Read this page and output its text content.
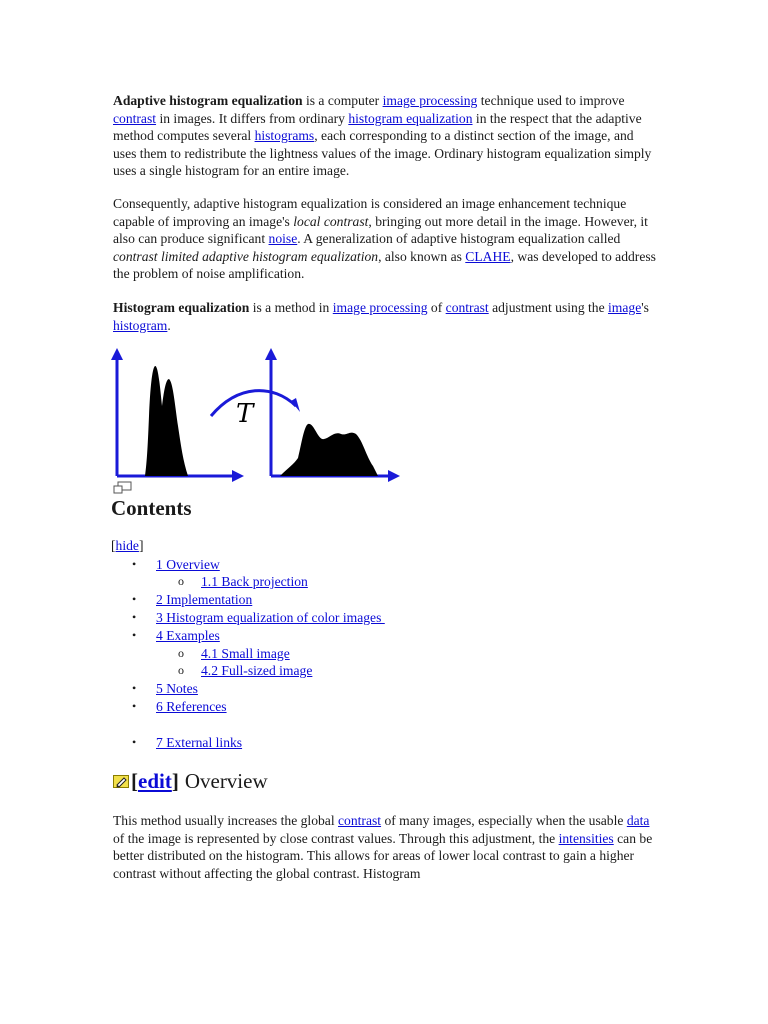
Adaptive histogram equalization is a computer image processing technique used to improve contrast in images. It differs from ordinary histogram equalization in the respect that the adaptive method computes several histograms, each corresponding to a distinct section of the image, and uses them to redistribute the lightness values of the image. Ordinary histogram equalization simply uses a single histogram for an entire image.

Consequently, adaptive histogram equalization is considered an image enhancement technique capable of improving an image's local contrast, bringing out more detail in the image. However, it also can produce significant noise. A generalization of adaptive histogram equalization called contrast limited adaptive histogram equalization, also known as CLAHE, was developed to address the problem of noise amplification.

Histogram equalization is a method in image processing of contrast adjustment using the image's histogram.

T
Contents
[hide]
• 1 Overview
o 1.1 Back projection
• 2 Implementation
• 3 Histogram equalization of color images
• 4 Examples
o 4.1 Small image
o 4.2 Full-sized image
• 5 Notes
• 6 References
• 7 External links
[ edit ] Overview

This method usually increases the global contrast of many images, especially when the usable data of the image is represented by close contrast values. Through this adjustment, the intensities can be better distributed on the histogram. This allows for areas of lower local contrast to gain a higher contrast without affecting the global contrast. Histogram
